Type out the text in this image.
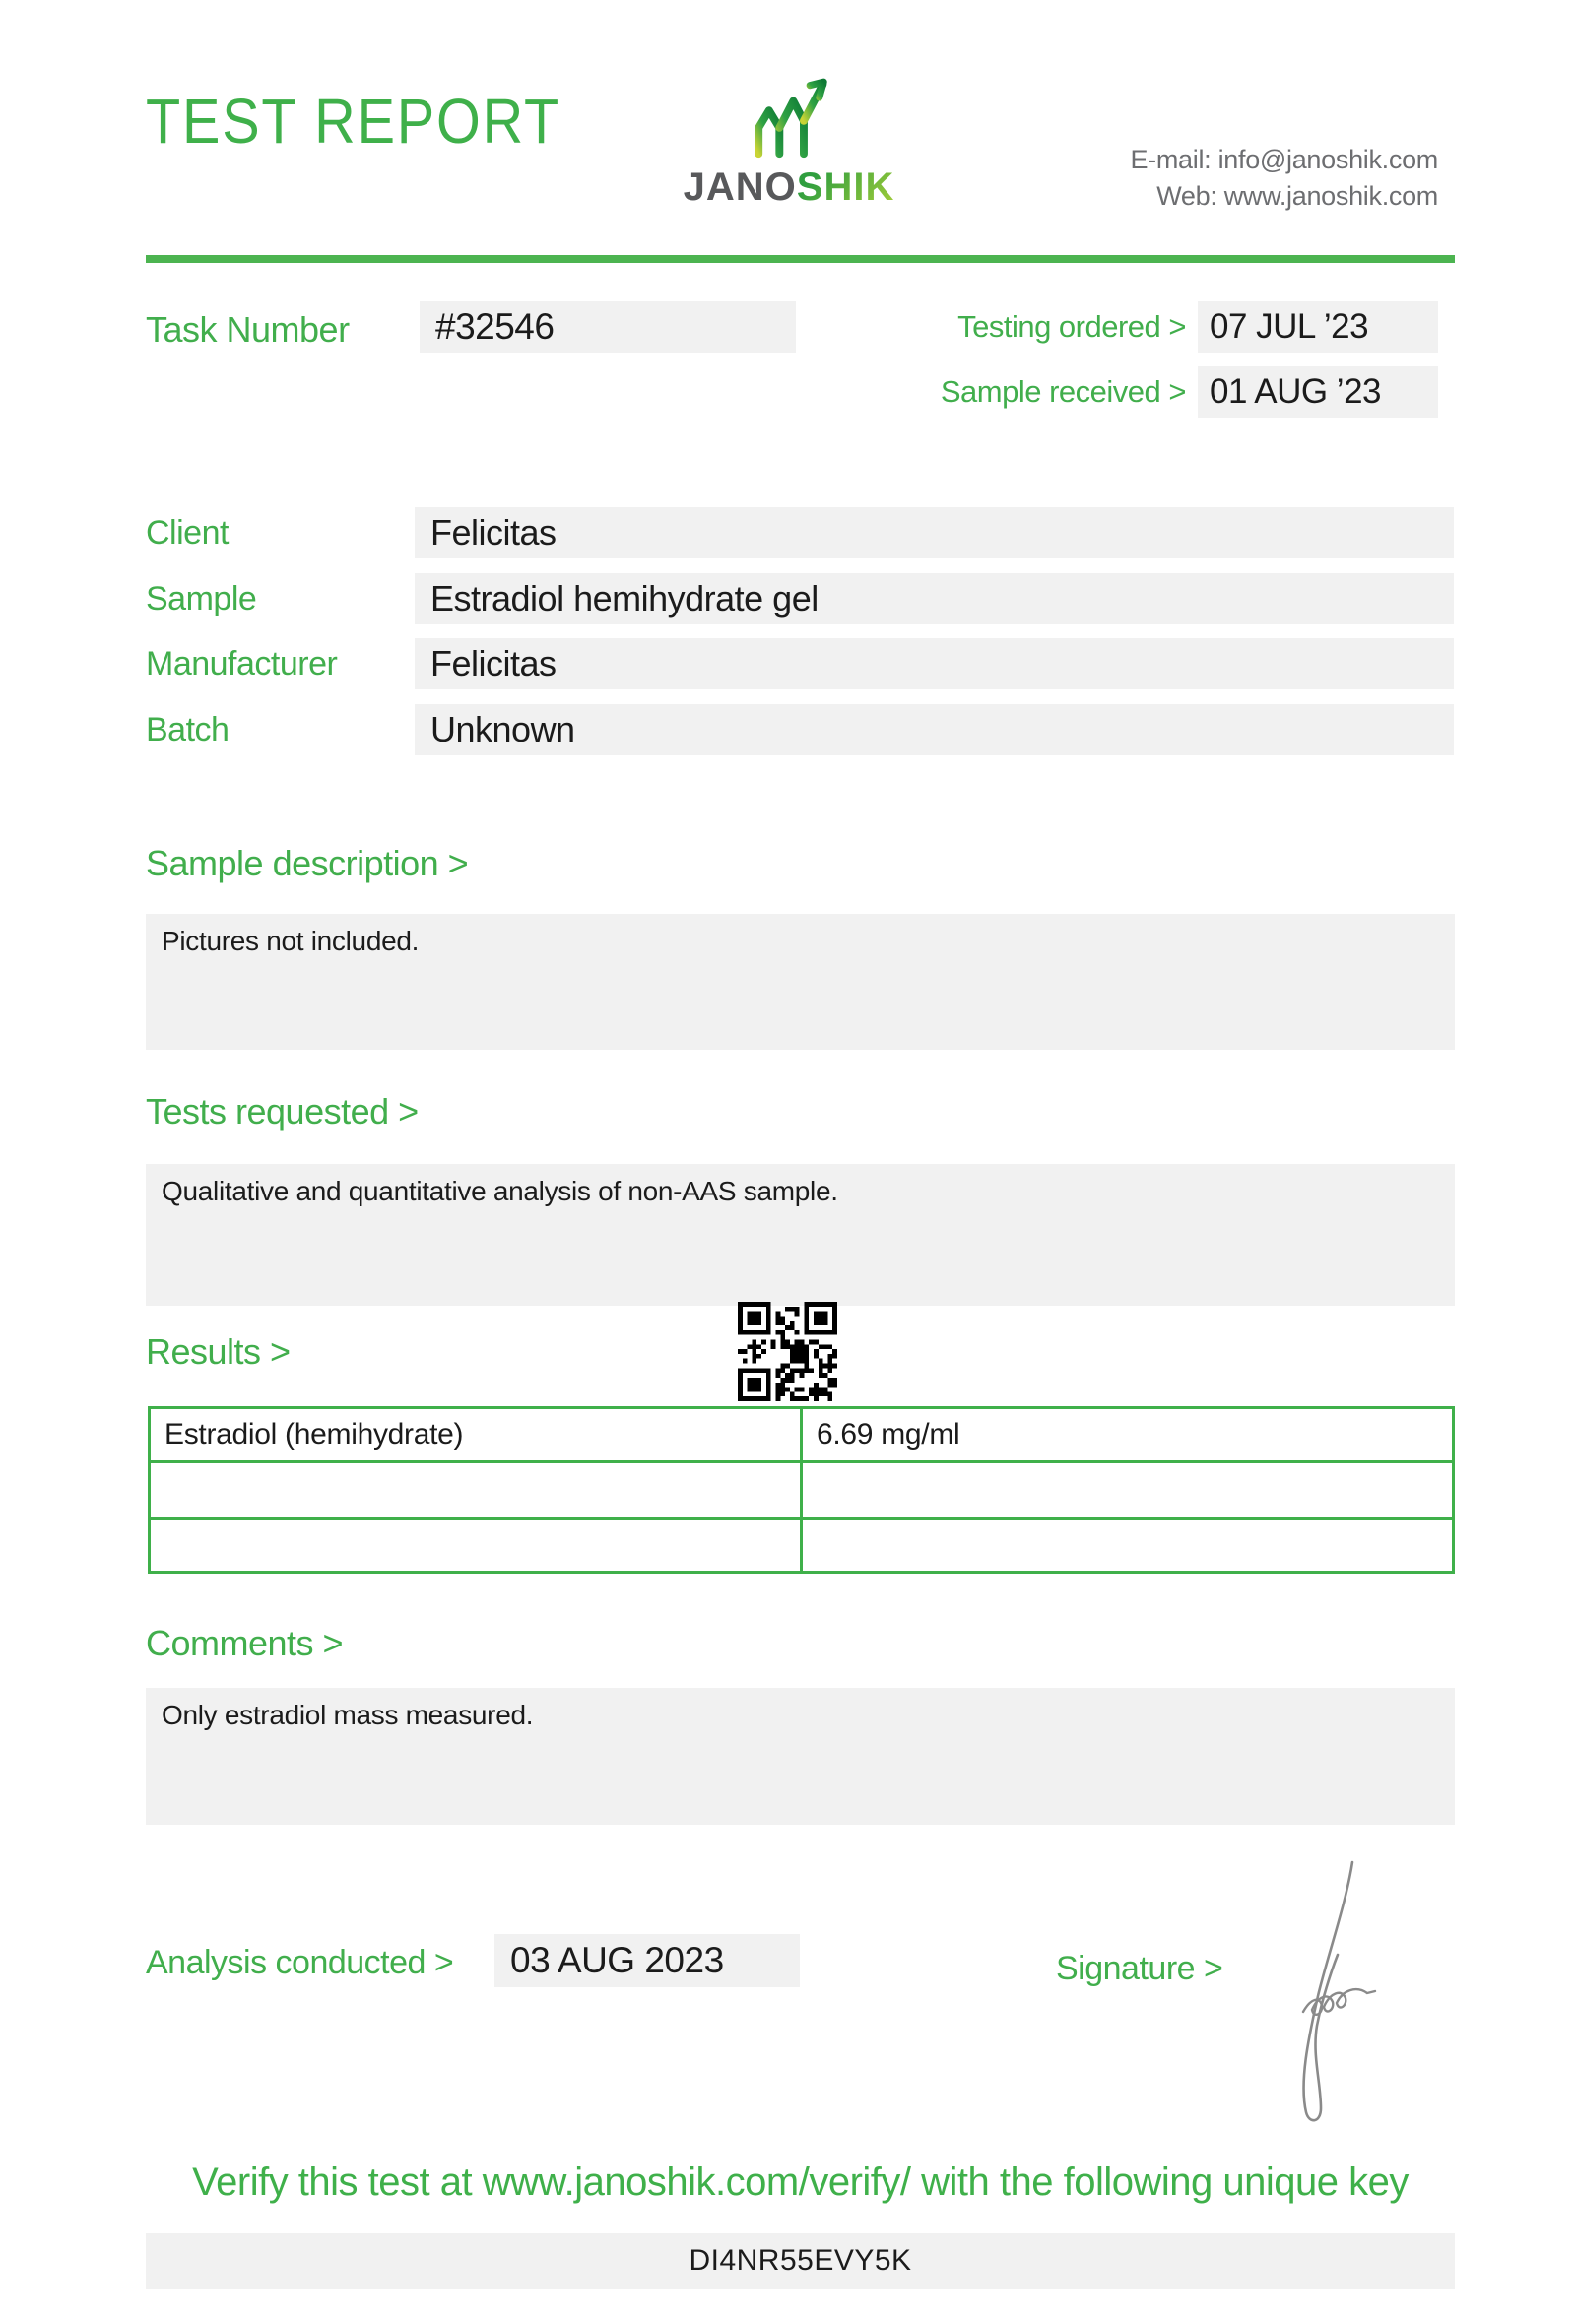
TEST REPORT
JANOSHIK
E-mail: info@janoshik.com
Web: www.janoshik.com
Task Number	#32546	Testing ordered > 07 JUL ’23
Sample received > 01 AUG ’23
Client	Felicitas
Sample	Estradiol hemihydrate gel
Manufacturer	Felicitas
Batch	Unknown
Sample description >
Pictures not included.
Tests requested >
Qualitative and quantitative analysis of non-AAS sample.
Results >
Estradiol (hemihydrate)	6.69 mg/ml

Comments >
Only estradiol mass measured.
Analysis conducted >	03 AUG 2023	Signature >
Verify this test at www.janoshik.com/verify/ with the following unique key
DI4NR55EVY5K
